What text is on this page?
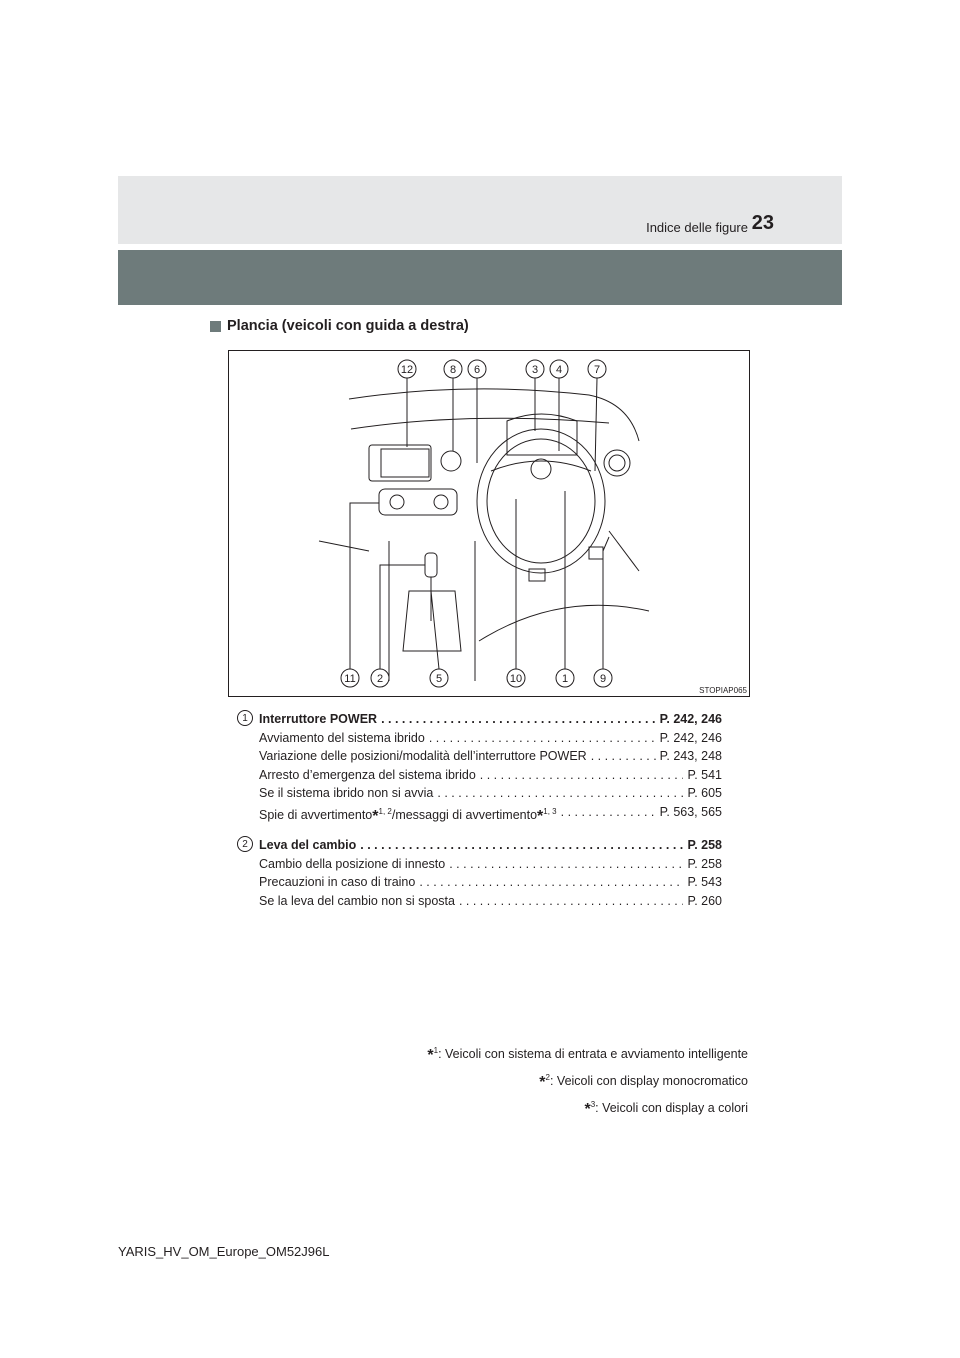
Indice delle figure 23
Plancia (veicoli con guida a destra)
12	8 6	3 4	7
11 2	5	10	1	9
STOPIAP065
1 Interruttore POWER . . .	P. 242, 246
Avviamento del sistema ibrido . . .	P. 242, 246
Variazione delle posizioni/modalità dell’interruttore POWER . . .	P. 243, 248
Arresto d’emergenza del sistema ibrido . . .	P. 541
Se il sistema ibrido non si avvia . . .	P. 605
Spie di avvertimento*$^{1, 2}$/messaggi di avvertimento*$^{1, 3}$ . . .	P. 563, 565
2 Leva del cambio . . .	P. 258
Cambio della posizione di innesto . . .	P. 258
Precauzioni in caso di traino . . .	P. 543
Se la leva del cambio non si sposta . . .	P. 260
*$^1$: Veicoli con sistema di entrata e avviamento intelligente
*$^2$: Veicoli con display monocromatico
*$^3$: Veicoli con display a colori
YARIS_HV_OM_Europe_OM52J96L
